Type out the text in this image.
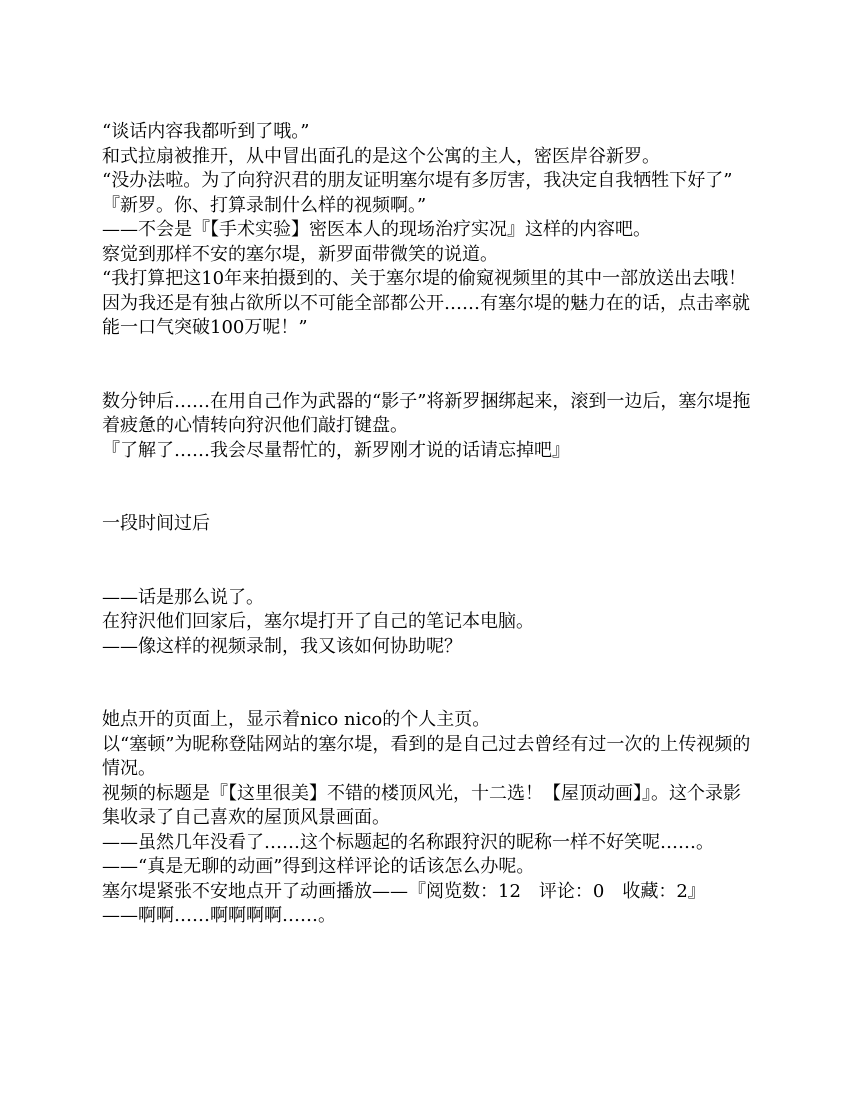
“谈话内容我都听到了哦。”

和式拉扇被推开，从中冒出面孔的是这个公寓的主人，密医岸谷新罗。

“没办法啦。为了向狩沢君的朋友证明塞尔堤有多厉害，我决定自我牺牲下好了”

『新罗。你、打算录制什么样的视频啊。”

——不会是『【手术实验】密医本人的现场治疗实况』这样的内容吧。

察觉到那样不安的塞尔堤，新罗面带微笑的说道。

“我打算把这10年来拍摄到的、关于塞尔堤的偷窥视频里的其中一部放送出去哦！因为我还是有独占欲所以不可能全部都公开……有塞尔堤的魅力在的话，点击率就能一口气突破100万呢！”

数分钟后……在用自己作为武器的“影子”将新罗捆绑起来，滚到一边后，塞尔堤拖着疲惫的心情转向狩沢他们敲打键盘。

『了解了……我会尽量帮忙的，新罗刚才说的话请忘掉吧』

一段时间过后

——话是那么说了。

在狩沢他们回家后，塞尔堤打开了自己的笔记本电脑。

——像这样的视频录制，我又该如何协助呢？

她点开的页面上，显示着nico nico的个人主页。

以“塞顿”为昵称登陆网站的塞尔堤，看到的是自己过去曾经有过一次的上传视频的情况。

视频的标题是『【这里很美】不错的楼顶风光，十二选！【屋顶动画】』。这个录影集收录了自己喜欢的屋顶风景画面。

——虽然几年没看了……这个标题起的名称跟狩沢的昵称一样不好笑呢……。

——“真是无聊的动画”得到这样评论的话该怎么办呢。

塞尔堤紧张不安地点开了动画播放——『阅览数：12　评论：0　收藏：2』

——啊啊……啊啊啊啊……。
